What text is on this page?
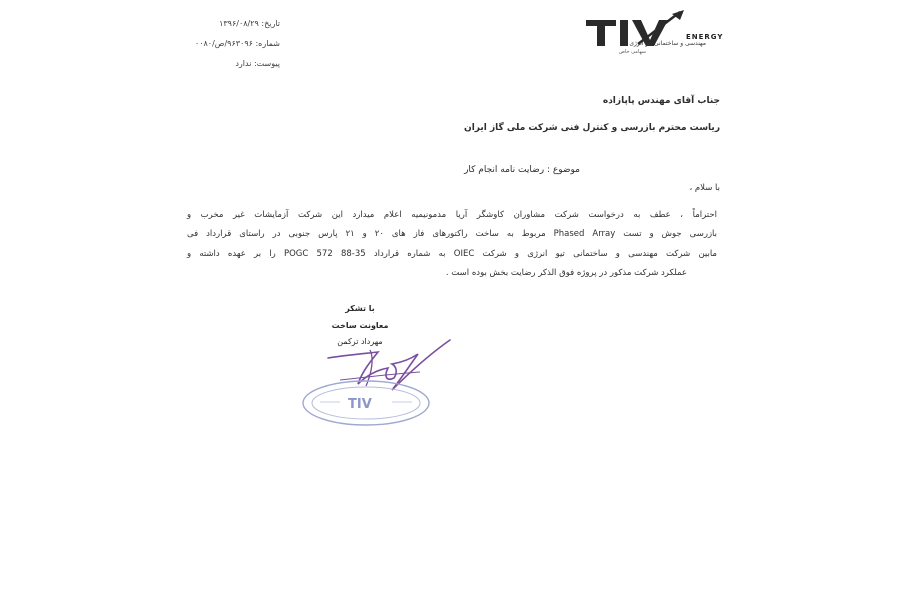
تاریخ: ۱۳۹۶/۰۸/۲۹
شماره: ۹۶۳۰۹۶/ص/۰۰۸۰
پیوست: ندارد
ENERGY
مهندسی و ساختمانی تیو انرژی
سهامی خاص
جناب آقای مهندس پاپازاده
ریاست محترم بازرسی و کنترل فنی شرکت ملی گاز ایران
موضوع : رضایت نامه انجام کار
با سلام ،
احتراماً ، عطف به درخواست شرکت مشاوران کاوشگر آریا مدمونیمیه اعلام میدارد این شرکت آزمایشات غیر مخرب و
بازرسی جوش و تست Phased Array مربوط به ساخت راکتورهای فاز های ۲۰ و ۲۱ پارس جنوبی در راستای قرارداد فی
مابین شرکت مهندسی و ساختمانی تیو انرژی و شرکت OIEC به شماره قرارداد POGC 572 88-35 را بر عهده داشته و
عملکرد شرکت مذکور در پروژه فوق الذکر رضایت بخش بوده است .
با تشکر
معاونت ساخت
مهرداد ترکمن
TIV
